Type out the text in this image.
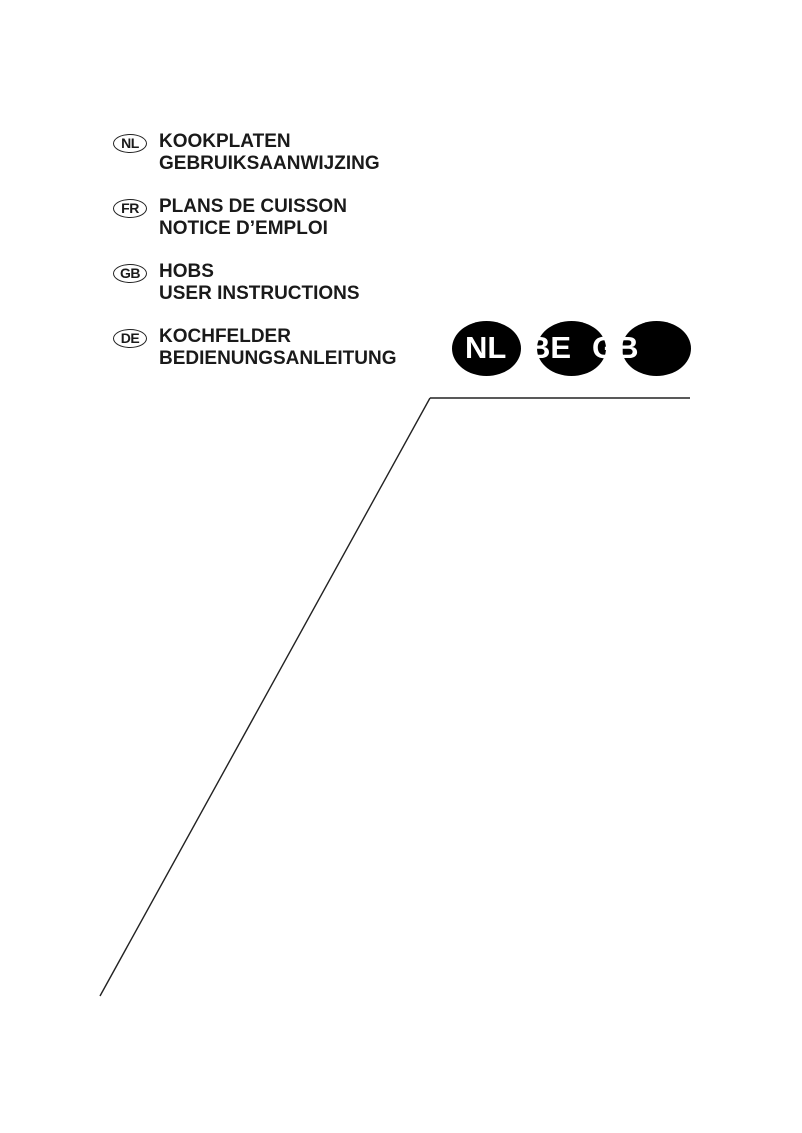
NL	KOOKPLATEN
GEBRUIKSAANWIJZING
FR	PLANS DE CUISSON
NOTICE D’EMPLOI
GB	HOBS
USER INSTRUCTIONS
DE	KOCHFELDER
BEDIENUNGSANLEITUNG NL BE GB
